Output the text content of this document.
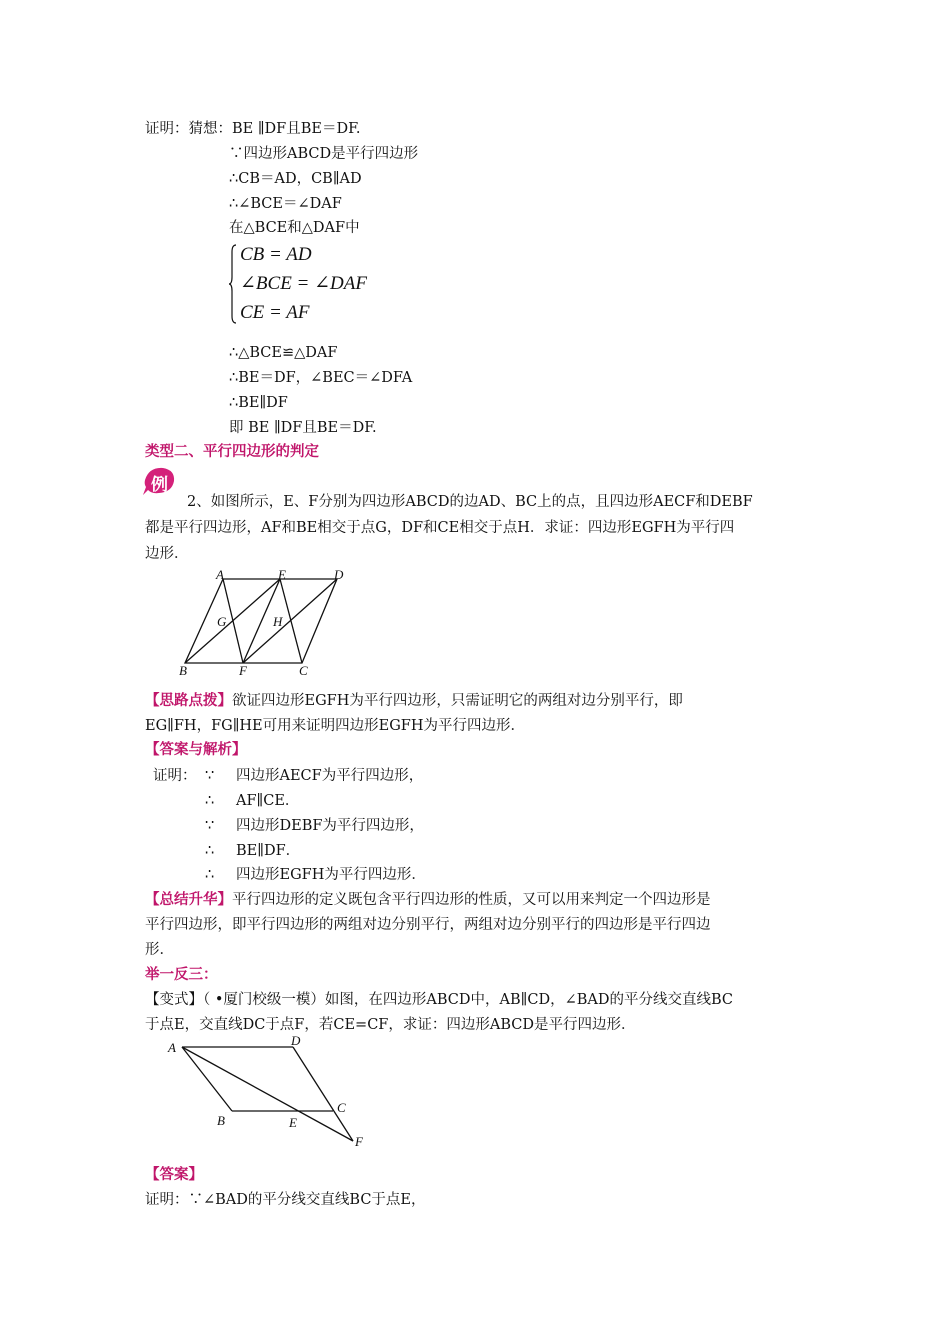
证明：猜想：BE ∥DF且BE＝DF.
∵四边形ABCD是平行四边形
∴CB＝AD，CB∥AD
∴∠BCE＝∠DAF
在△BCE和△DAF中
CB = AD
∠BCE = ∠DAF
CE = AF
∴△BCE≌△DAF
∴BE＝DF，∠BEC＝∠DFA
∴BE∥DF
即 BE ∥DF且BE＝DF.
类型二、平行四边形的判定
例
2、如图所示，E、F分别为四边形ABCD的边AD、BC上的点，且四边形AECF和DEBF
都是平行四边形，AF和BE相交于点G，DF和CE相交于点H．求证：四边形EGFH为平行四
边形．
A	E	D
G	H
B	F	C
【思路点拨】欲证四边形EGFH为平行四边形，只需证明它的两组对边分别平行，即
EG∥FH，FG∥HE可用来证明四边形EGFH为平行四边形．
【答案与解析】
证明： ∵ 四边形AECF为平行四边形，
∴ AF∥CE．
∵ 四边形DEBF为平行四边形，
∴ BE∥DF．
∴ 四边形EGFH为平行四边形．
【总结升华】平行四边形的定义既包含平行四边形的性质，又可以用来判定一个四边形是
平行四边形，即平行四边形的两组对边分别平行，两组对边分别平行的四边形是平行四边
形．
举一反三：
【变式】（ •厦门校级一模）如图，在四边形ABCD中，AB∥CD，∠BAD的平分线交直线BC
于点E，交直线DC于点F，若CE=CF，求证：四边形ABCD是平行四边形．
A	D
C
B	E
F
【答案】
证明：∵∠BAD的平分线交直线BC于点E，
